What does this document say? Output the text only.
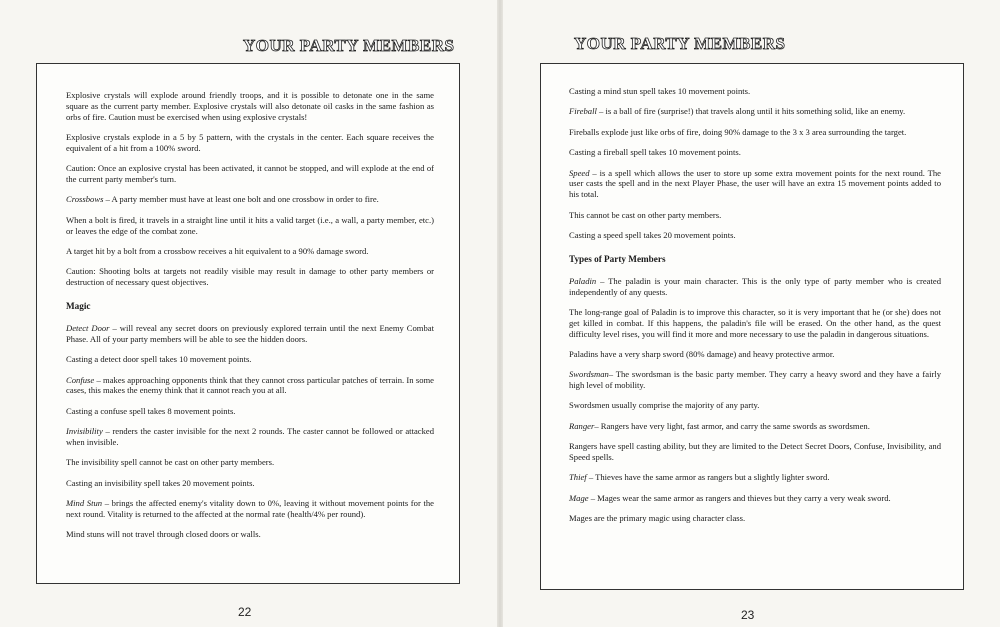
YOUR PARTY MEMBERS
Explosive crystals will explode around friendly troops, and it is possible to detonate one in the same square as the current party member. Explosive crystals will also detonate oil casks in the same fashion as orbs of fire. Caution must be exercised when using explosive crystals!
Explosive crystals explode in a 5 by 5 pattern, with the crystals in the center. Each square receives the equivalent of a hit from a 100% sword.
Caution: Once an explosive crystal has been activated, it cannot be stopped, and will explode at the end of the current party member's turn.
Crossbows – A party member must have at least one bolt and one crossbow in order to fire.
When a bolt is fired, it travels in a straight line until it hits a valid target (i.e., a wall, a party member, etc.) or leaves the edge of the combat zone.
A target hit by a bolt from a crossbow receives a hit equivalent to a 90% damage sword.
Caution: Shooting bolts at targets not readily visible may result in damage to other party members or destruction of necessary quest objectives.
Magic
Detect Door – will reveal any secret doors on previously explored terrain until the next Enemy Combat Phase. All of your party members will be able to see the hidden doors.
Casting a detect door spell takes 10 movement points.
Confuse – makes approaching opponents think that they cannot cross particular patches of terrain. In some cases, this makes the enemy think that it cannot reach you at all.
Casting a confuse spell takes 8 movement points.
Invisibility – renders the caster invisible for the next 2 rounds. The caster cannot be followed or attacked when invisible.
The invisibility spell cannot be cast on other party members.
Casting an invisibility spell takes 20 movement points.
Mind Stun – brings the affected enemy's vitality down to 0%, leaving it without movement points for the next round. Vitality is returned to the affected at the normal rate (health/4% per round).
Mind stuns will not travel through closed doors or walls.
22
YOUR PARTY MEMBERS
Casting a mind stun spell takes 10 movement points.
Fireball – is a ball of fire (surprise!) that travels along until it hits something solid, like an enemy.
Fireballs explode just like orbs of fire, doing 90% damage to the 3 x 3 area surrounding the target.
Casting a fireball spell takes 10 movement points.
Speed – is a spell which allows the user to store up some extra movement points for the next round. The user casts the spell and in the next Player Phase, the user will have an extra 15 movement points added to his total.
This cannot be cast on other party members.
Casting a speed spell takes 20 movement points.
Types of Party Members
Paladin – The paladin is your main character. This is the only type of party member who is created independently of any quests.
The long-range goal of Paladin is to improve this character, so it is very important that he (or she) does not get killed in combat. If this happens, the paladin's file will be erased. On the other hand, as the quest difficulty level rises, you will find it more and more necessary to use the paladin in dangerous situations.
Paladins have a very sharp sword (80% damage) and heavy protective armor.
Swordsman– The swordsman is the basic party member. They carry a heavy sword and they have a fairly high level of mobility.
Swordsmen usually comprise the majority of any party.
Ranger– Rangers have very light, fast armor, and carry the same swords as swordsmen.
Rangers have spell casting ability, but they are limited to the Detect Secret Doors, Confuse, Invisibility, and Speed spells.
Thief – Thieves have the same armor as rangers but a slightly lighter sword.
Mage – Mages wear the same armor as rangers and thieves but they carry a very weak sword.
Mages are the primary magic using character class.
23
